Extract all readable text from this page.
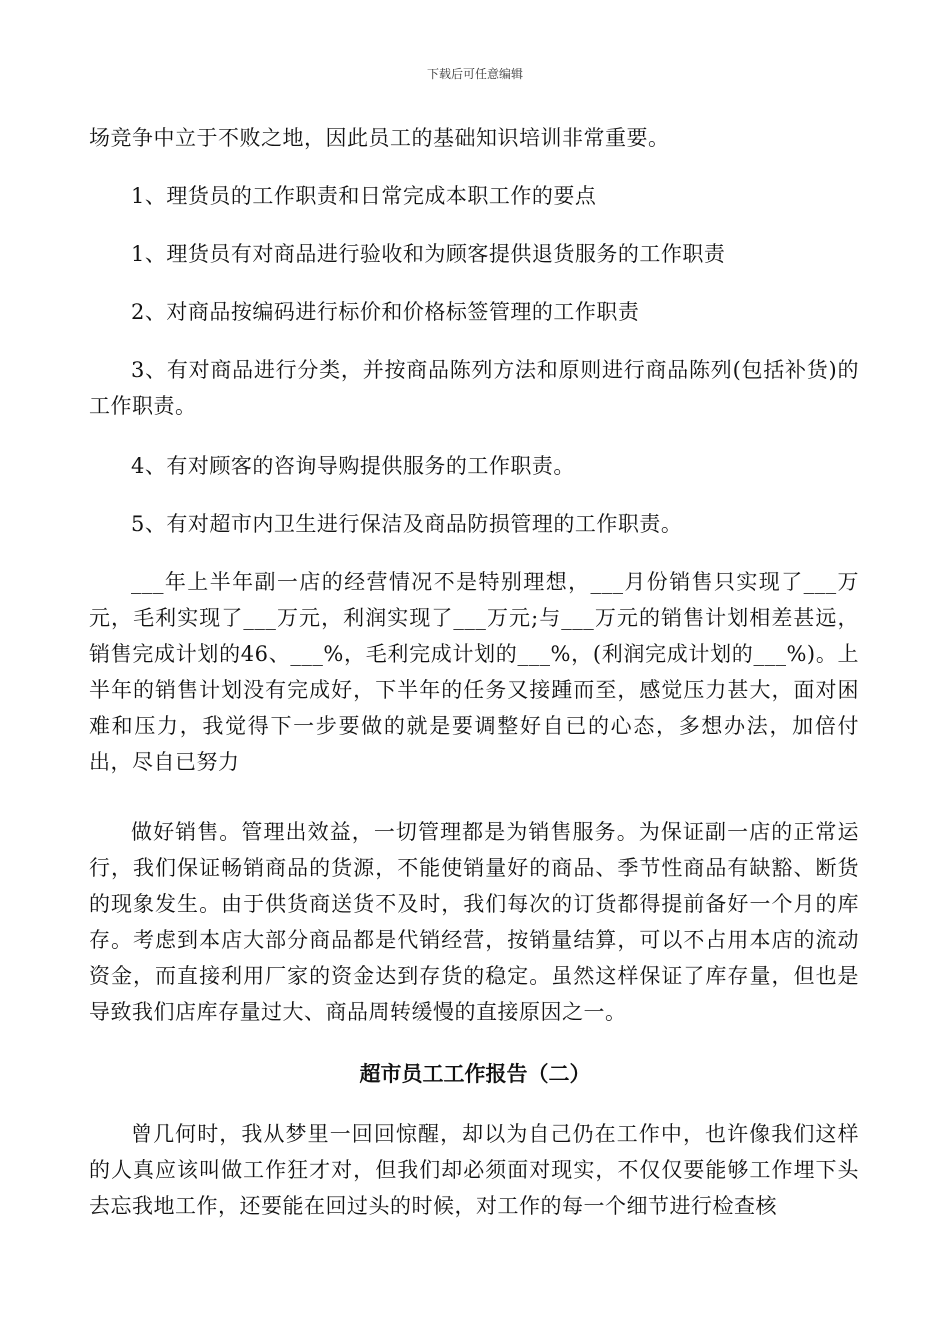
下载后可任意编辑

场竞争中立于不败之地，因此员工的基础知识培训非常重要。

1、理货员的工作职责和日常完成本职工作的要点

1、理货员有对商品进行验收和为顾客提供退货服务的工作职责

2、对商品按编码进行标价和价格标签管理的工作职责

3、有对商品进行分类，并按商品陈列方法和原则进行商品陈列(包括补货)的工作职责。

4、有对顾客的咨询导购提供服务的工作职责。

5、有对超市内卫生进行保洁及商品防损管理的工作职责。

___年上半年副一店的经营情况不是特别理想，___月份销售只实现了___万元，毛利实现了___万元，利润实现了___万元;与___万元的销售计划相差甚远，销售完成计划的46、___%，毛利完成计划的___%，(利润完成计划的___%)。上半年的销售计划没有完成好，下半年的任务又接踵而至，感觉压力甚大，面对困难和压力，我觉得下一步要做的就是要调整好自已的心态，多想办法，加倍付出，尽自已努力

做好销售。管理出效益，一切管理都是为销售服务。为保证副一店的正常运行，我们保证畅销商品的货源，不能使销量好的商品、季节性商品有缺豁、断货的现象发生。由于供货商送货不及时，我们每次的订货都得提前备好一个月的库存。考虑到本店大部分商品都是代销经营，按销量结算，可以不占用本店的流动资金，而直接利用厂家的资金达到存货的稳定。虽然这样保证了库存量，但也是导致我们店库存量过大、商品周转缓慢的直接原因之一。

超市员工工作报告（二）

曾几何时，我从梦里一回回惊醒，却以为自己仍在工作中，也许像我们这样的人真应该叫做工作狂才对，但我们却必须面对现实，不仅仅要能够工作埋下头去忘我地工作，还要能在回过头的时候，对工作的每一个细节进行检查核
